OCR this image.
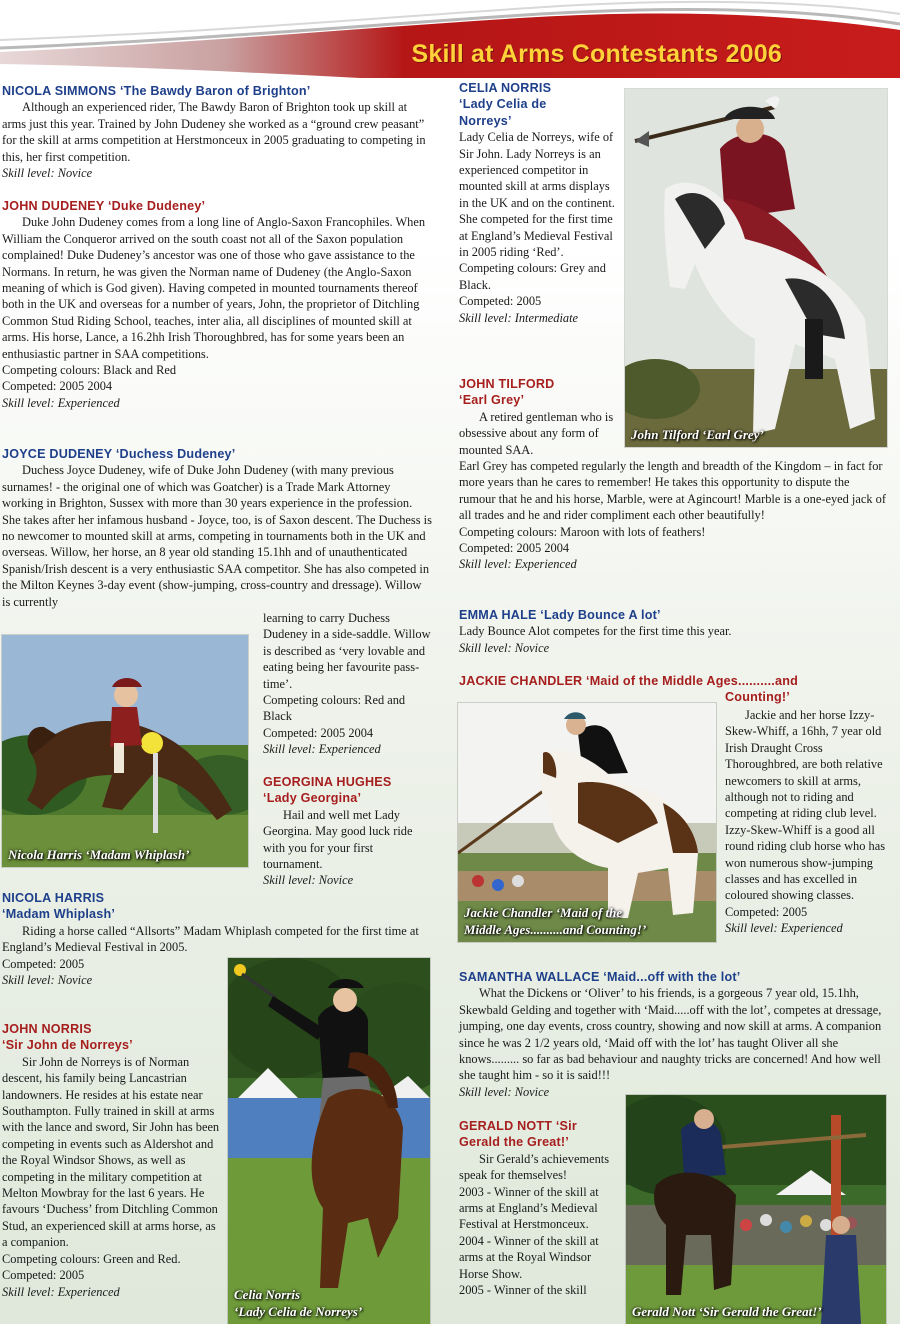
Skill at Arms Contestants 2006

NICOLA SIMMONS ‘The Bawdy Baron of Brighton’

Although an experienced rider, The Bawdy Baron of Brighton took up skill at arms just this year. Trained by John Dudeney she worked as a “ground crew peasant” for the skill at arms competition at Herstmonceux in 2005 graduating to competing in this, her first competition.

Skill level: Novice

JOHN DUDENEY ‘Duke Dudeney’

Duke John Dudeney comes from a long line of Anglo-Saxon Francophiles. When William the Conqueror arrived on the south coast not all of the Saxon population complained! Duke Dudeney’s ancestor was one of those who gave assistance to the Normans. In return, he was given the Norman name of Dudeney (the Anglo-Saxon meaning of which is God given). Having competed in mounted tournaments thereof both in the UK and overseas for a number of years, John, the proprietor of Ditchling Common Stud Riding School, teaches, inter alia, all disciplines of mounted skill at arms. His horse, Lance, a 16.2hh Irish Thoroughbred, has for some years been an enthusiastic partner in SAA competitions.

Competing colours: Black and Red

Competed: 2005 2004

Skill level: Experienced

JOYCE DUDENEY ‘Duchess Dudeney’

Duchess Joyce Dudeney, wife of Duke John Dudeney (with many previous surnames! - the original one of which was Goatcher) is a Trade Mark Attorney working in Brighton, Sussex with more than 30 years experience in the profession. She takes after her infamous husband - Joyce, too, is of Saxon descent. The Duchess is no newcomer to mounted skill at arms, competing in tournaments both in the UK and overseas. Willow, her horse, an 8 year old standing 15.1hh and of unauthenticated Spanish/Irish descent is a very enthusiastic SAA competitor. She has also competed in the Milton Keynes 3-day event (show-jumping, cross-country and dressage). Willow is currently

learning to carry Duchess Dudeney in a side-saddle. Willow is described as ‘very lovable and eating being her favourite pass-time’.

Competing colours: Red and Black

Competed: 2005 2004

Skill level: Experienced

GEORGINA HUGHES

‘Lady Georgina’

Hail and well met Lady Georgina. May good luck ride with you for your first tournament.

Skill level: Novice

Nicola Harris ‘Madam Whiplash’

NICOLA HARRIS

‘Madam Whiplash’

Riding a horse called “Allsorts” Madam Whiplash competed for the first time at England’s Medieval Festival in 2005.

Competed: 2005

Skill level: Novice

JOHN NORRIS

‘Sir John de Norreys’

Sir John de Norreys is of Norman descent, his family being Lancastrian landowners. He resides at his estate near Southampton. Fully trained in skill at arms with the lance and sword, Sir John has been competing in events such as Aldershot and the Royal Windsor Shows, as well as competing in the military competition at Melton Mowbray for the last 6 years. He favours ‘Duchess’ from Ditchling Common Stud, an experienced skill at arms horse, as a companion.

Competing colours: Green and Red.

Competed: 2005

Skill level: Experienced	Celia Norris
‘Lady Celia de Norreys’

CELIA NORRIS

‘Lady Celia de

Norreys’

Lady Celia de Norreys, wife of Sir John. Lady Norreys is an experienced competitor in mounted skill at arms displays in the UK and on the continent. She competed for the first time at England’s Medieval Festival in 2005 riding ‘Red’.

Competing colours: Grey and Black.

Competed: 2005

Skill level: Intermediate

John Tilford ‘Earl Grey’

JOHN TILFORD

‘Earl Grey’

A retired gentleman who is obsessive about any form of mounted SAA.

Earl Grey has competed regularly the length and breadth of the Kingdom – in fact for more years than he cares to remember! He takes this opportunity to dispute the rumour that he and his horse, Marble, were at Agincourt! Marble is a one-eyed jack of all trades and he and rider compliment each other beautifully!

Competing colours: Maroon with lots of feathers!

Competed: 2005 2004

Skill level: Experienced

EMMA HALE ‘Lady Bounce A lot’

Lady Bounce Alot competes for the first time this year.

Skill level: Novice

JACKIE CHANDLER ‘Maid of the Middle Ages..........and

Counting!’

Jackie Chandler ‘Maid of the
Middle Ages..........and Counting!’

Jackie and her horse Izzy-Skew-Whiff, a 16hh, 7 year old Irish Draught Cross Thoroughbred, are both relative newcomers to skill at arms, although not to riding and competing at riding club level. Izzy-Skew-Whiff is a good all round riding club horse who has won numerous show-jumping classes and has excelled in coloured showing classes.

Competed: 2005

Skill level: Experienced

SAMANTHA WALLACE ‘Maid...off with the lot’

What the Dickens or ‘Oliver’ to his friends, is a gorgeous 7 year old, 15.1hh, Skewbald Gelding and together with ‘Maid.....off with the lot’, competes at dressage, jumping, one day events, cross country, showing and now skill at arms. A companion since he was 2 1/2 years old, ‘Maid off with the lot’ has taught Oliver all she knows......... so far as bad behaviour and naughty tricks are concerned! And how well she taught him - so it is said!!!

Skill level: Novice

GERALD NOTT ‘Sir

Gerald the Great!’

Sir Gerald’s achievements speak for themselves!

2003 - Winner of the skill at arms at England’s Medieval Festival at Herstmonceux.

2004 - Winner of the skill at arms at the Royal Windsor Horse Show.

2005 - Winner of the skill

Gerald Nott ‘Sir Gerald the Great!’
